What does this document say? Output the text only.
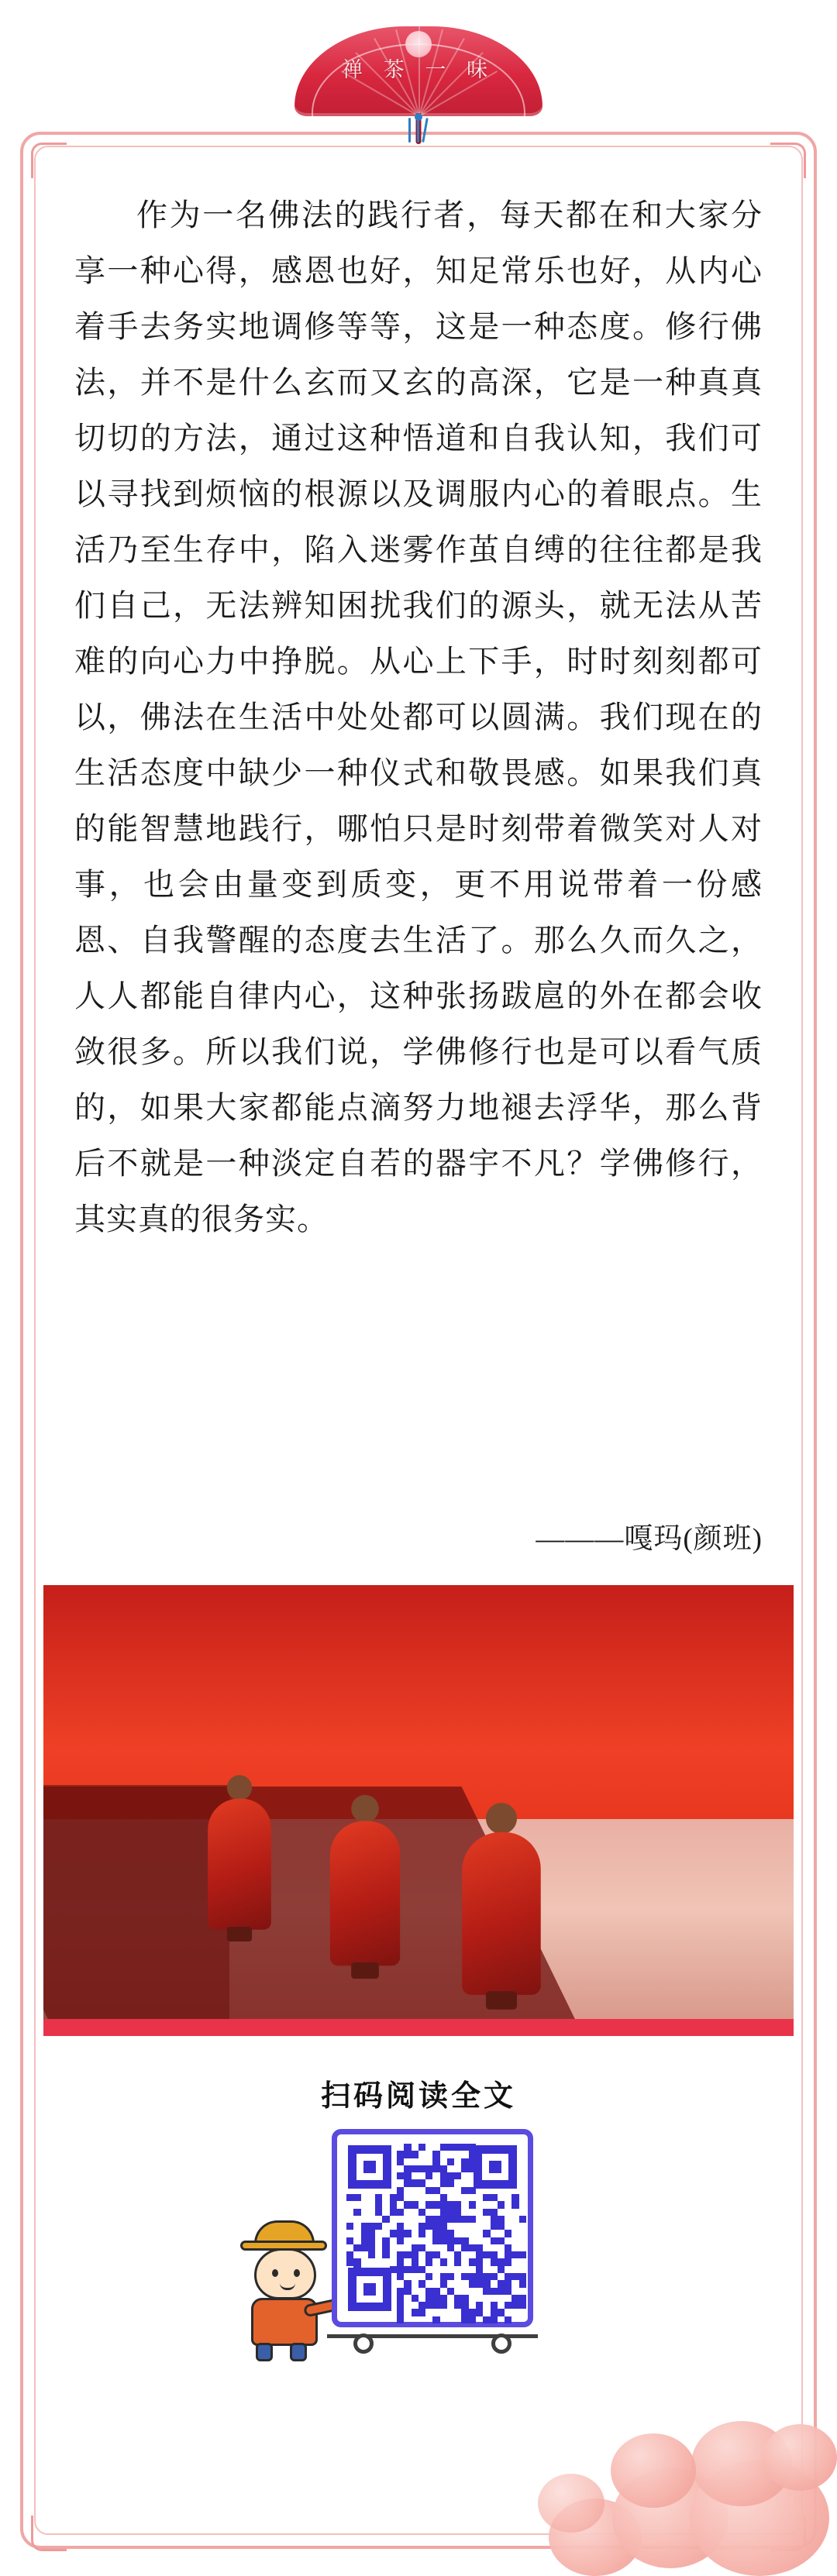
禅 茶 一 味

作为一名佛法的践行者，每天都在和大家分享一种心得，感恩也好，知足常乐也好，从内心着手去务实地调修等等，这是一种态度。修行佛法，并不是什么玄而又玄的高深，它是一种真真切切的方法，通过这种悟道和自我认知，我们可以寻找到烦恼的根源以及调服内心的着眼点。生活乃至生存中，陷入迷雾作茧自缚的往往都是我们自己，无法辨知困扰我们的源头，就无法从苦难的向心力中挣脱。从心上下手，时时刻刻都可以，佛法在生活中处处都可以圆满。我们现在的生活态度中缺少一种仪式和敬畏感。如果我们真的能智慧地践行，哪怕只是时刻带着微笑对人对事，也会由量变到质变，更不用说带着一份感恩、自我警醒的态度去生活了。那么久而久之，人人都能自律内心，这种张扬跋扈的外在都会收敛很多。所以我们说，学佛修行也是可以看气质的，如果大家都能点滴努力地褪去浮华，那么背后不就是一种淡定自若的器宇不凡？学佛修行，其实真的很务实。

———嘎玛(颜班)
扫码阅读全文
